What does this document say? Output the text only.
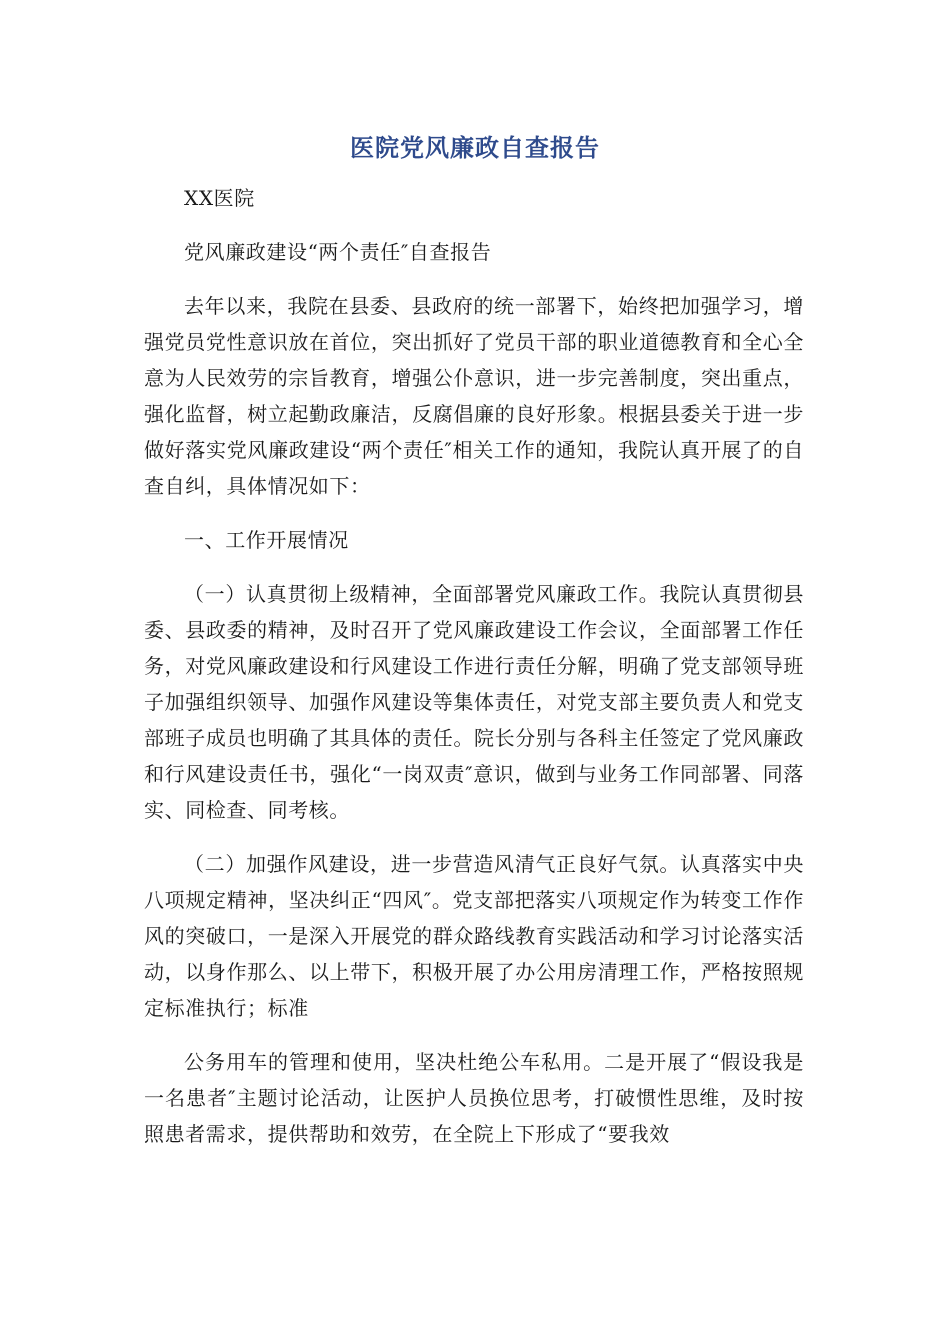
医院党风廉政自查报告

XX医院

党风廉政建设“两个责任″自查报告

去年以来，我院在县委、县政府的统一部署下，始终把加强学习，增强党员党性意识放在首位，突出抓好了党员干部的职业道德教育和全心全意为人民效劳的宗旨教育，增强公仆意识，进一步完善制度，突出重点，强化监督，树立起勤政廉洁，反腐倡廉的良好形象。根据县委关于进一步做好落实党风廉政建设“两个责任″相关工作的通知，我院认真开展了的自查自纠，具体情况如下：

一、工作开展情况

（一）认真贯彻上级精神，全面部署党风廉政工作。我院认真贯彻县委、县政委的精神，及时召开了党风廉政建设工作会议，全面部署工作任务，对党风廉政建设和行风建设工作进行责任分解，明确了党支部领导班子加强组织领导、加强作风建设等集体责任，对党支部主要负责人和党支部班子成员也明确了其具体的责任。院长分别与各科主任签定了党风廉政和行风建设责任书，强化“一岗双责″意识，做到与业务工作同部署、同落实、同检查、同考核。

（二）加强作风建设，进一步营造风清气正良好气氛。认真落实中央八项规定精神，坚决纠正“四风″。党支部把落实八项规定作为转变工作作风的突破口，一是深入开展党的群众路线教育实践活动和学习讨论落实活动，以身作那么、以上带下，积极开展了办公用房清理工作，严格按照规定标准执行；标准

公务用车的管理和使用，坚决杜绝公车私用。二是开展了“假设我是一名患者″主题讨论活动，让医护人员换位思考，打破惯性思维，及时按照患者需求，提供帮助和效劳，在全院上下形成了“要我效
